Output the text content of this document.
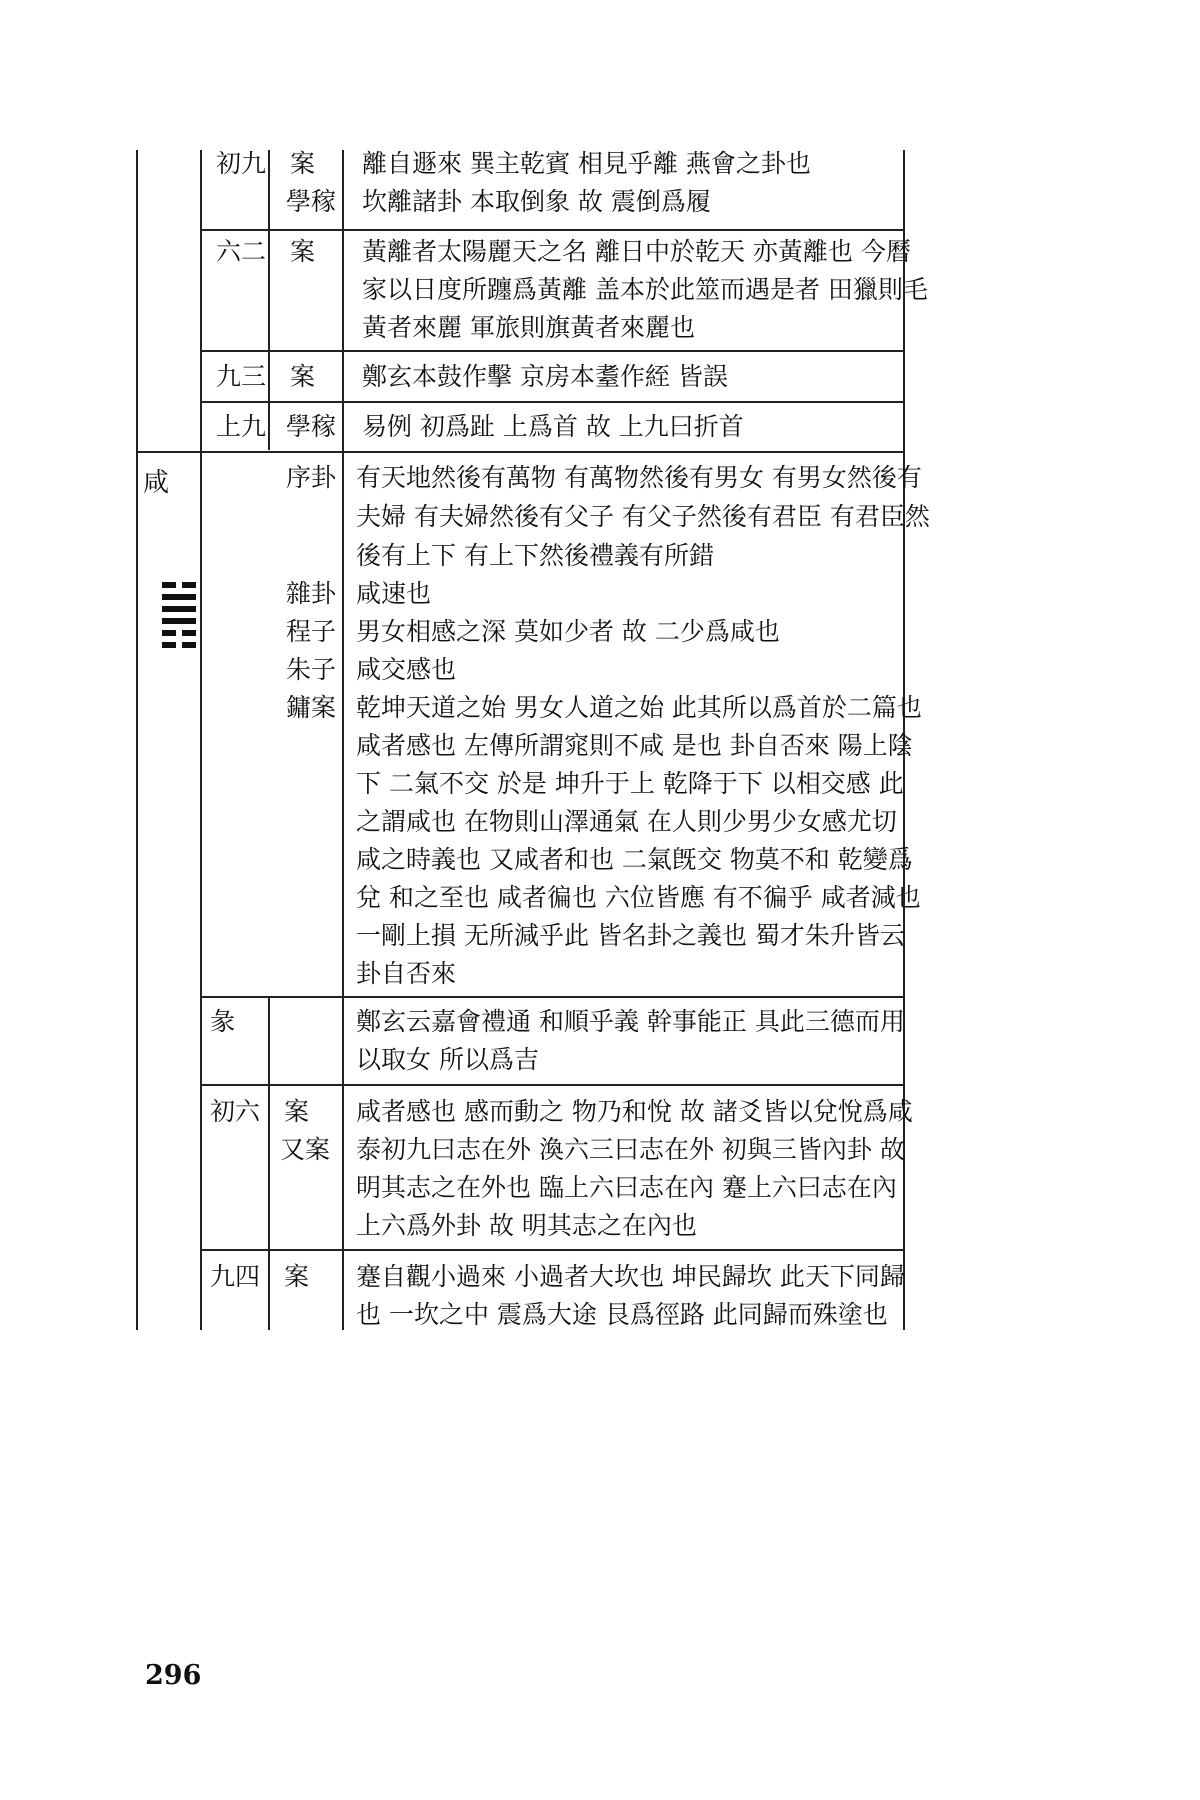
咸
初九 案
學稼
離自遯來 巽主乾賓 相見乎離 燕會之卦也
坎離諸卦 本取倒象 故 震倒爲履
六二 案 黃離者太陽麗天之名 離日中於乾天 亦黃離也 今曆
家以日度所躔爲黃離 盖本於此筮而遇是者 田獵則毛
黃者來麗 軍旅則旗黃者來麗也
九三 案 鄭玄本鼓作擊 京房本耋作絰 皆誤
上九 學稼 易例 初爲趾 上爲首 故 上九曰折首
序卦 有天地然後有萬物 有萬物然後有男女 有男女然後有
夫婦 有夫婦然後有父子 有父子然後有君臣 有君臣然
後有上下 有上下然後禮義有所錯
雜卦
程子
朱子
鏞案
咸速也
男女相感之深 莫如少者 故 二少爲咸也
咸交感也
乾坤天道之始 男女人道之始 此其所以爲首於二篇也
咸者感也 左傳所謂窕則不咸 是也 卦自否來 陽上陰
下 二氣不交 於是 坤升于上 乾降于下 以相交感 此
之謂咸也 在物則山澤通氣 在人則少男少女感尤切
咸之時義也 又咸者和也 二氣旣交 物莫不和 乾變爲
兌 和之至也 咸者徧也 六位皆應 有不徧乎 咸者減也
一剛上損 无所減乎此 皆名卦之義也 蜀才朱升皆云
卦自否來
彖	鄭玄云嘉會禮通 和順乎義 幹事能正 具此三德而用
以取女 所以爲吉
初六 案
又案
咸者感也 感而動之 物乃和悅 故 諸爻皆以兌悅爲咸
泰初九曰志在外 渙六三曰志在外 初與三皆內卦 故
明其志之在外也 臨上六曰志在內 蹇上六曰志在內
上六爲外卦 故 明其志之在內也
九四 案 蹇自觀小過來 小過者大坎也 坤民歸坎 此天下同歸
也 一坎之中 震爲大途 艮爲徑路 此同歸而殊塗也
296
